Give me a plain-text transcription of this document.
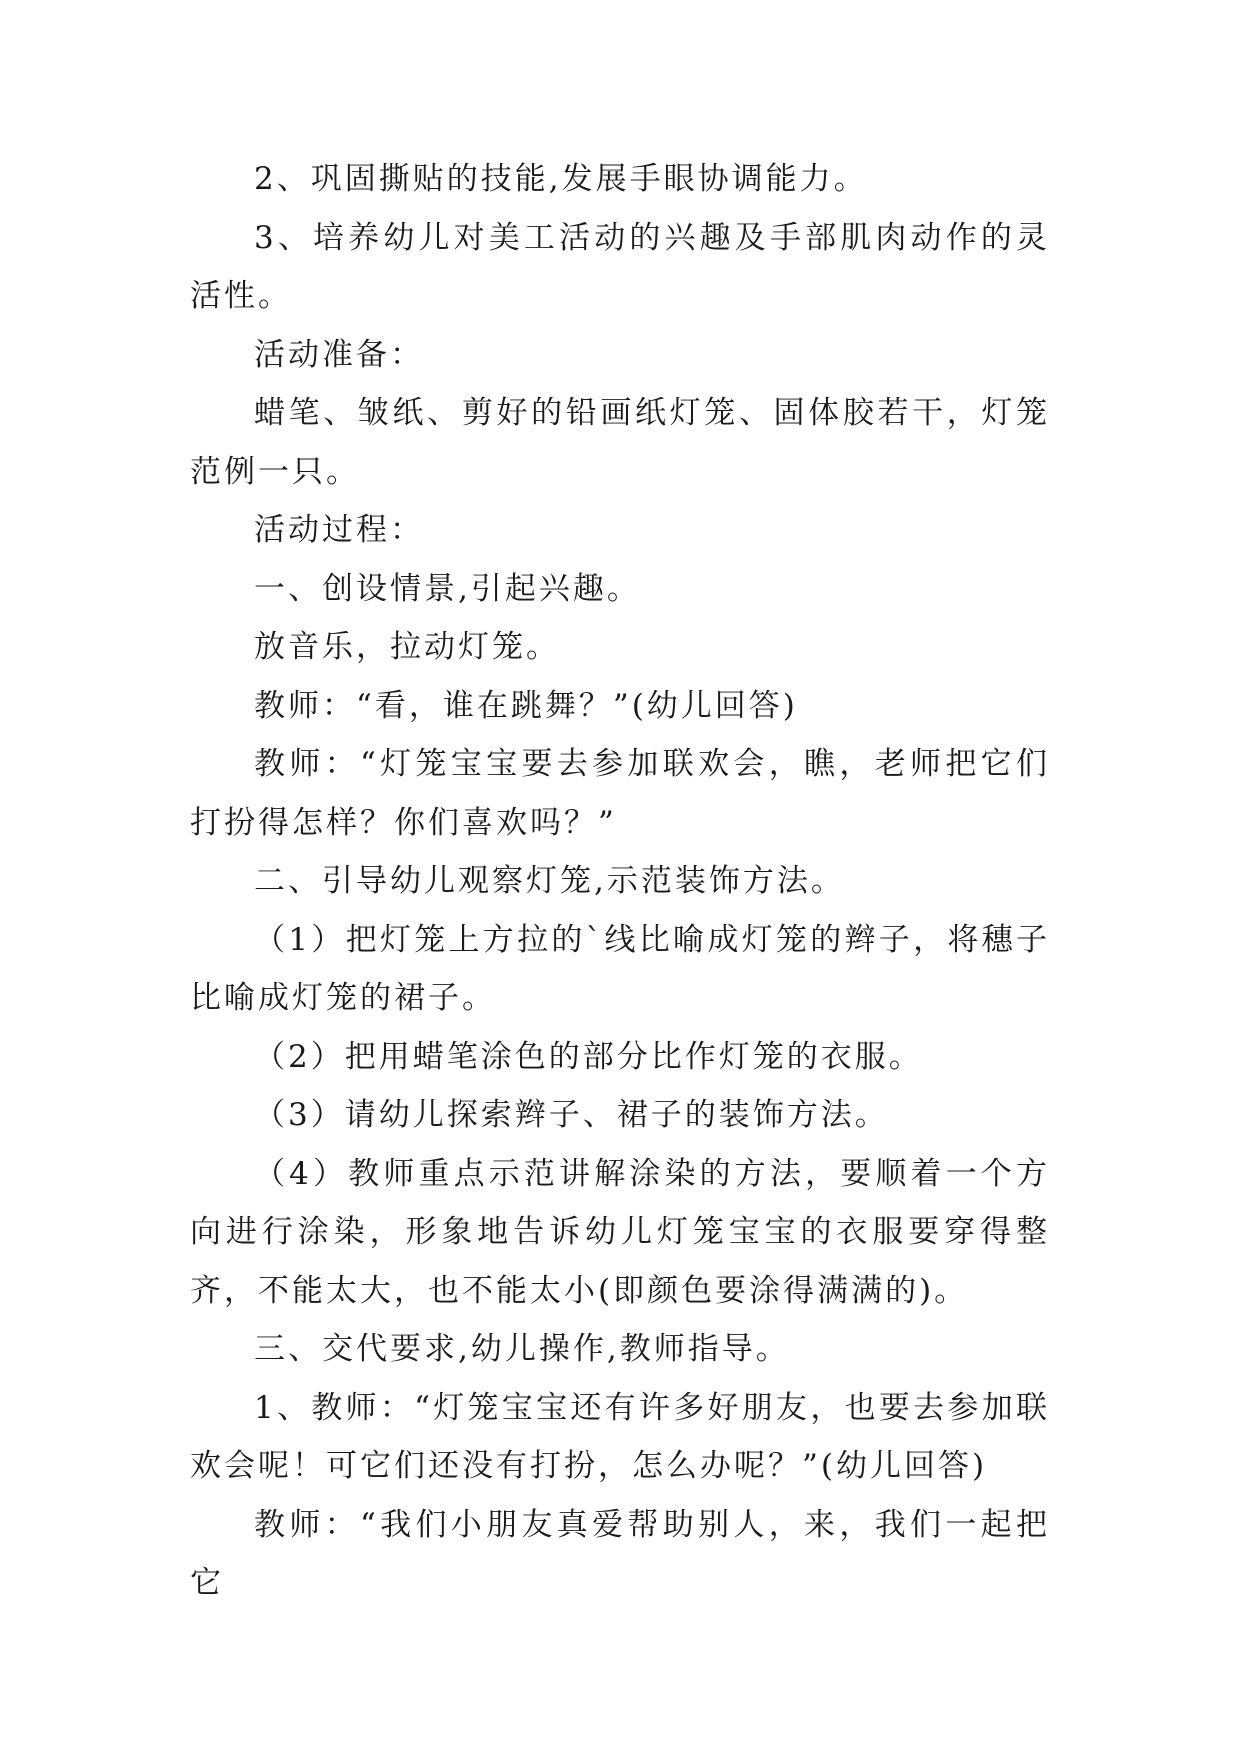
2、巩固撕贴的技能,发展手眼协调能力。

3、培养幼儿对美工活动的兴趣及手部肌肉动作的灵活性。

活动准备：

蜡笔、皱纸、剪好的铅画纸灯笼、固体胶若干，灯笼范例一只。

活动过程：

一、创设情景,引起兴趣。

放音乐，拉动灯笼。

教师：“看，谁在跳舞？”(幼儿回答)

教师：“灯笼宝宝要去参加联欢会，瞧，老师把它们打扮得怎样？你们喜欢吗？”

二、引导幼儿观察灯笼,示范装饰方法。

（1）把灯笼上方拉的`线比喻成灯笼的辫子，将穗子比喻成灯笼的裙子。

（2）把用蜡笔涂色的部分比作灯笼的衣服。

（3）请幼儿探索辫子、裙子的装饰方法。

（4）教师重点示范讲解涂染的方法，要顺着一个方向进行涂染，形象地告诉幼儿灯笼宝宝的衣服要穿得整齐，不能太大，也不能太小(即颜色要涂得满满的)。

三、交代要求,幼儿操作,教师指导。

1、教师：“灯笼宝宝还有许多好朋友，也要去参加联欢会呢！可它们还没有打扮，怎么办呢？”(幼儿回答)

教师：“我们小朋友真爱帮助别人，来，我们一起把它
